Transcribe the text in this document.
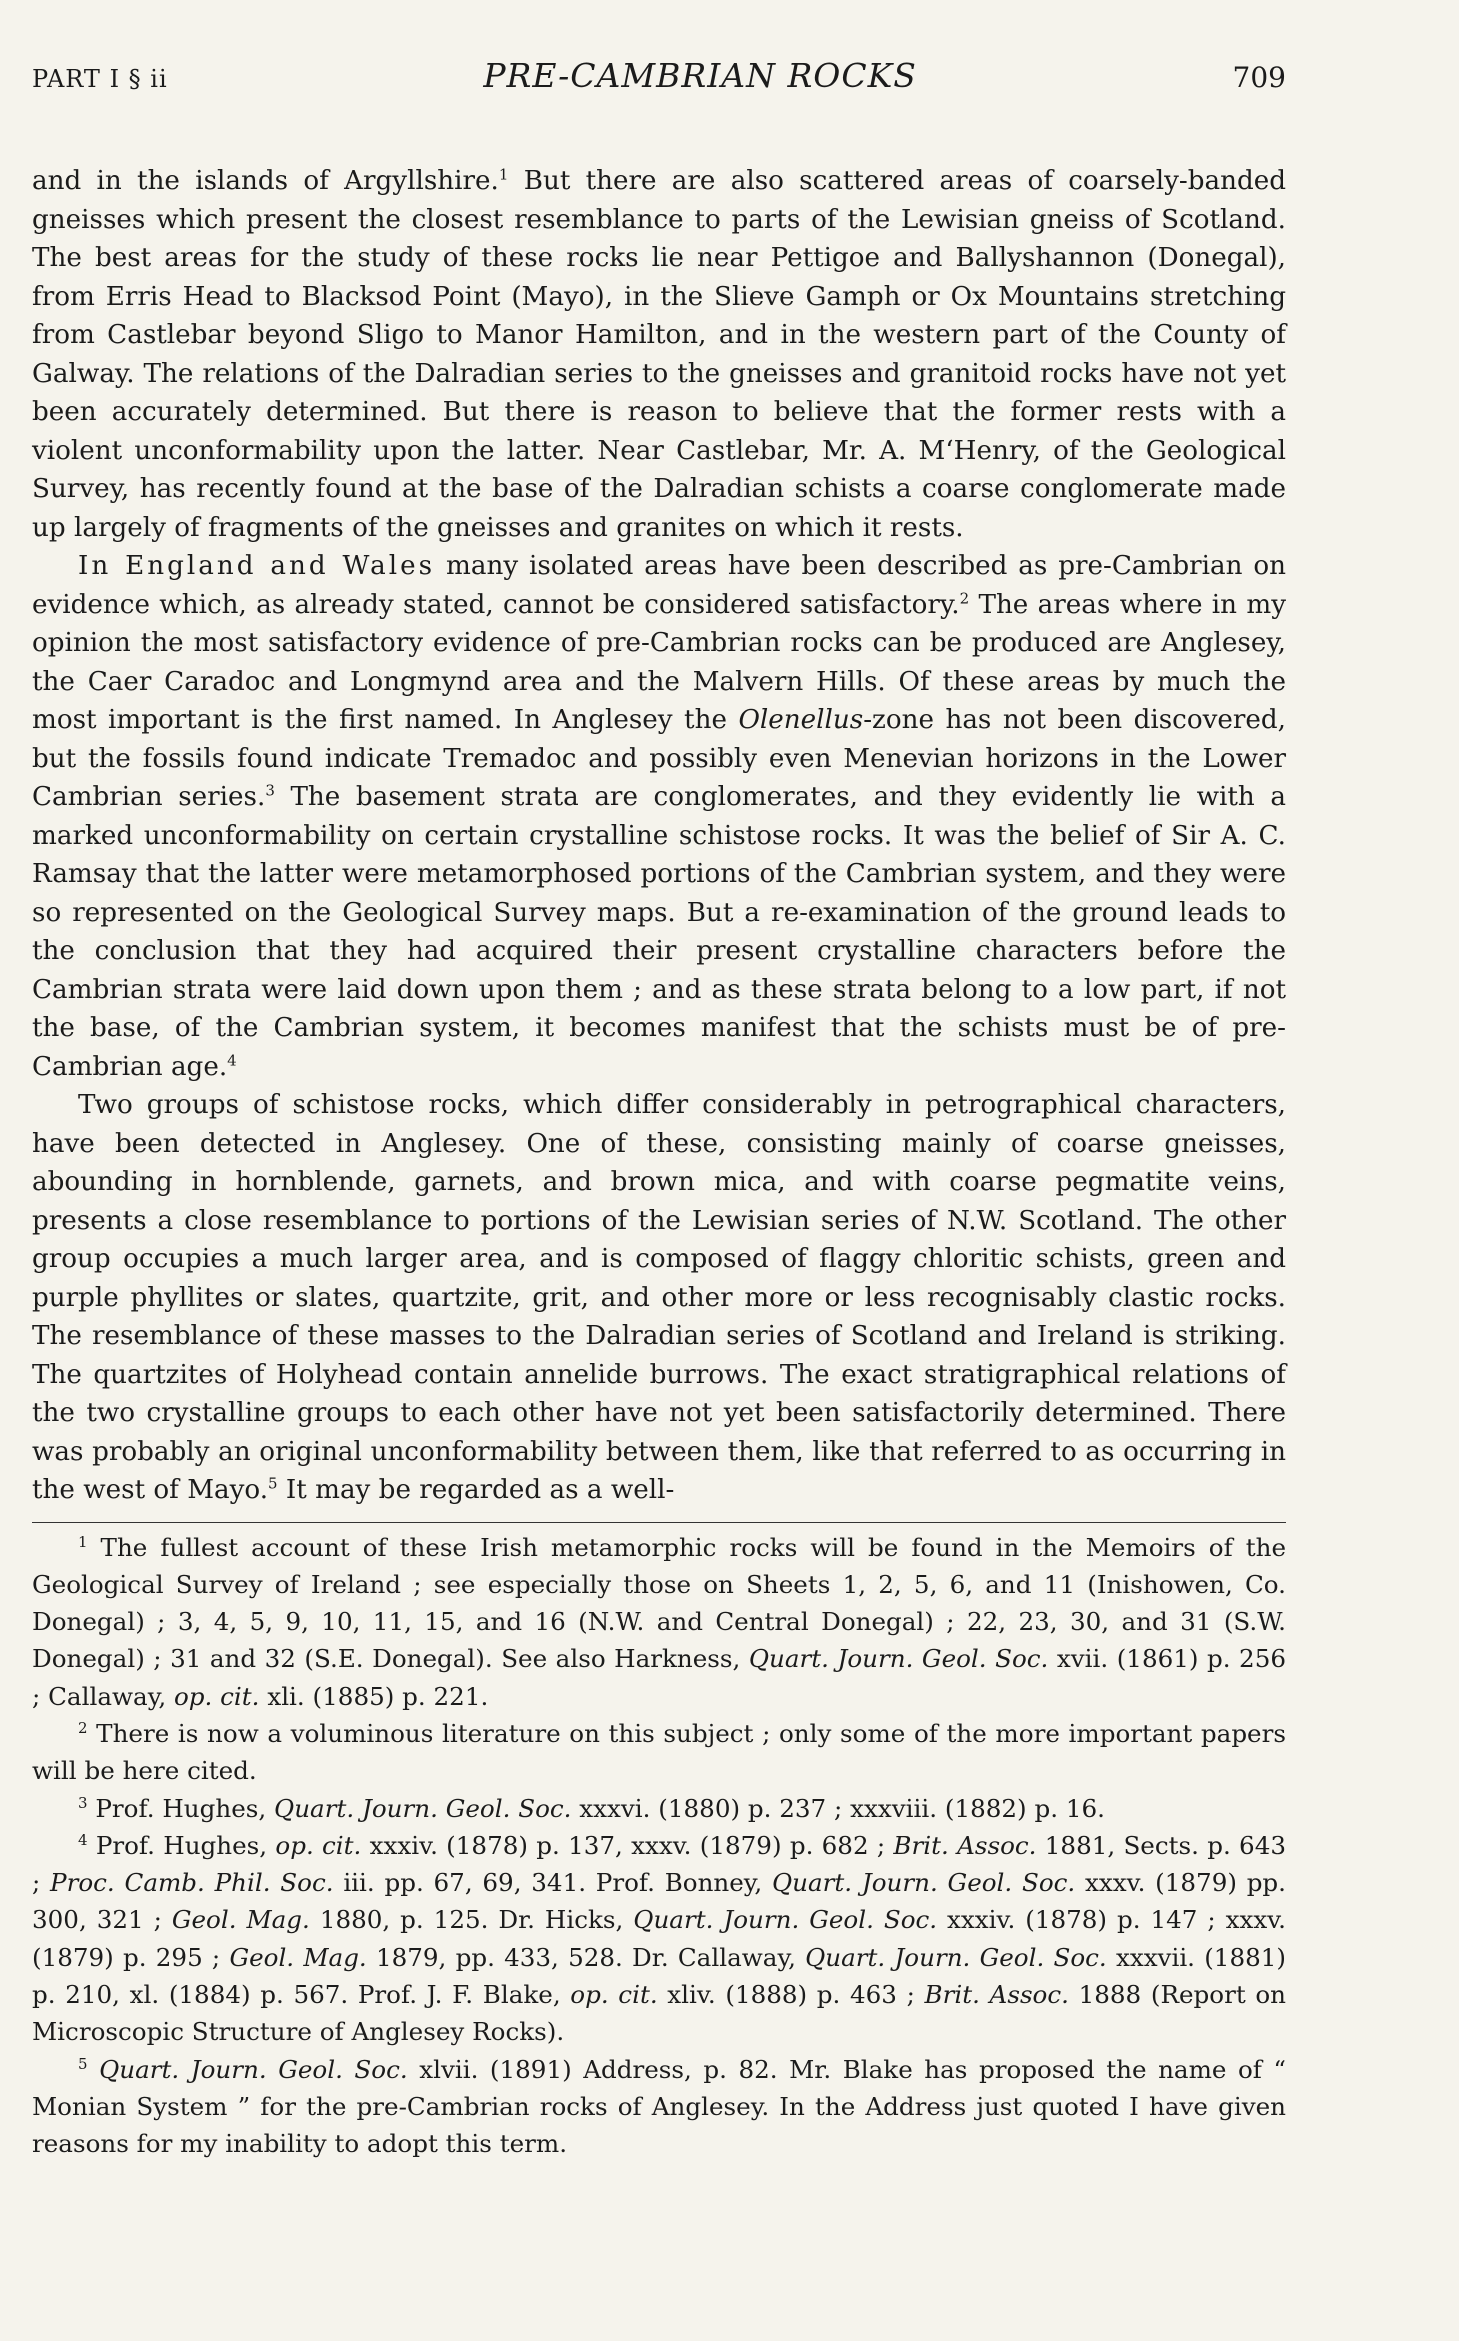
PART I § ii	PRE-CAMBRIAN ROCKS	709

and in the islands of Argyllshire.$^1$ But there are also scattered areas of coarsely-banded gneisses which present the closest resemblance to parts of the Lewisian gneiss of Scotland. The best areas for the study of these rocks lie near Pettigoe and Ballyshannon (Donegal), from Erris Head to Blacksod Point (Mayo), in the Slieve Gamph or Ox Mountains stretching from Castlebar beyond Sligo to Manor Hamilton, and in the western part of the County of Galway. The relations of the Dalradian series to the gneisses and granitoid rocks have not yet been accurately determined. But there is reason to believe that the former rests with a violent unconformability upon the latter. Near Castlebar, Mr. A. M‘Henry, of the Geological Survey, has recently found at the base of the Dalradian schists a coarse conglomerate made up largely of fragments of the gneisses and granites on which it rests.

In England and Wales many isolated areas have been described as pre-Cambrian on evidence which, as already stated, cannot be considered satisfactory.$^2$ The areas where in my opinion the most satisfactory evidence of pre-Cambrian rocks can be produced are Anglesey, the Caer Caradoc and Longmynd area and the Malvern Hills. Of these areas by much the most important is the first named. In Anglesey the Olenellus-zone has not been discovered, but the fossils found indicate Tremadoc and possibly even Menevian horizons in the Lower Cambrian series.$^3$ The basement strata are conglomerates, and they evidently lie with a marked unconformability on certain crystalline schistose rocks. It was the belief of Sir A. C. Ramsay that the latter were metamorphosed portions of the Cambrian system, and they were so represented on the Geological Survey maps. But a re-examination of the ground leads to the conclusion that they had acquired their present crystalline characters before the Cambrian strata were laid down upon them ; and as these strata belong to a low part, if not the base, of the Cambrian system, it becomes manifest that the schists must be of pre-Cambrian age.$^4$

Two groups of schistose rocks, which differ considerably in petrographical characters, have been detected in Anglesey. One of these, consisting mainly of coarse gneisses, abounding in hornblende, garnets, and brown mica, and with coarse pegmatite veins, presents a close resemblance to portions of the Lewisian series of N.W. Scotland. The other group occupies a much larger area, and is composed of flaggy chloritic schists, green and purple phyllites or slates, quartzite, grit, and other more or less recognisably clastic rocks. The resemblance of these masses to the Dalradian series of Scotland and Ireland is striking. The quartzites of Holyhead contain annelide burrows. The exact stratigraphical relations of the two crystalline groups to each other have not yet been satisfactorily determined. There was probably an original unconformability between them, like that referred to as occurring in the west of Mayo.$^5$ It may be regarded as a well-

$^1$ The fullest account of these Irish metamorphic rocks will be found in the Memoirs of the Geological Survey of Ireland ; see especially those on Sheets 1, 2, 5, 6, and 11 (Inishowen, Co. Donegal) ; 3, 4, 5, 9, 10, 11, 15, and 16 (N.W. and Central Donegal) ; 22, 23, 30, and 31 (S.W. Donegal) ; 31 and 32 (S.E. Donegal). See also Harkness, Quart. Journ. Geol. Soc. xvii. (1861) p. 256 ; Callaway, op. cit. xli. (1885) p. 221.

$^2$ There is now a voluminous literature on this subject ; only some of the more important papers will be here cited.

$^3$ Prof. Hughes, Quart. Journ. Geol. Soc. xxxvi. (1880) p. 237 ; xxxviii. (1882) p. 16.

$^4$ Prof. Hughes, op. cit. xxxiv. (1878) p. 137, xxxv. (1879) p. 682 ; Brit. Assoc. 1881, Sects. p. 643 ; Proc. Camb. Phil. Soc. iii. pp. 67, 69, 341. Prof. Bonney, Quart. Journ. Geol. Soc. xxxv. (1879) pp. 300, 321 ; Geol. Mag. 1880, p. 125. Dr. Hicks, Quart. Journ. Geol. Soc. xxxiv. (1878) p. 147 ; xxxv. (1879) p. 295 ; Geol. Mag. 1879, pp. 433, 528. Dr. Callaway, Quart. Journ. Geol. Soc. xxxvii. (1881) p. 210, xl. (1884) p. 567. Prof. J. F. Blake, op. cit. xliv. (1888) p. 463 ; Brit. Assoc. 1888 (Report on Microscopic Structure of Anglesey Rocks).

$^5$ Quart. Journ. Geol. Soc. xlvii. (1891) Address, p. 82. Mr. Blake has proposed the name of “ Monian System ” for the pre-Cambrian rocks of Anglesey. In the Address just quoted I have given reasons for my inability to adopt this term.
